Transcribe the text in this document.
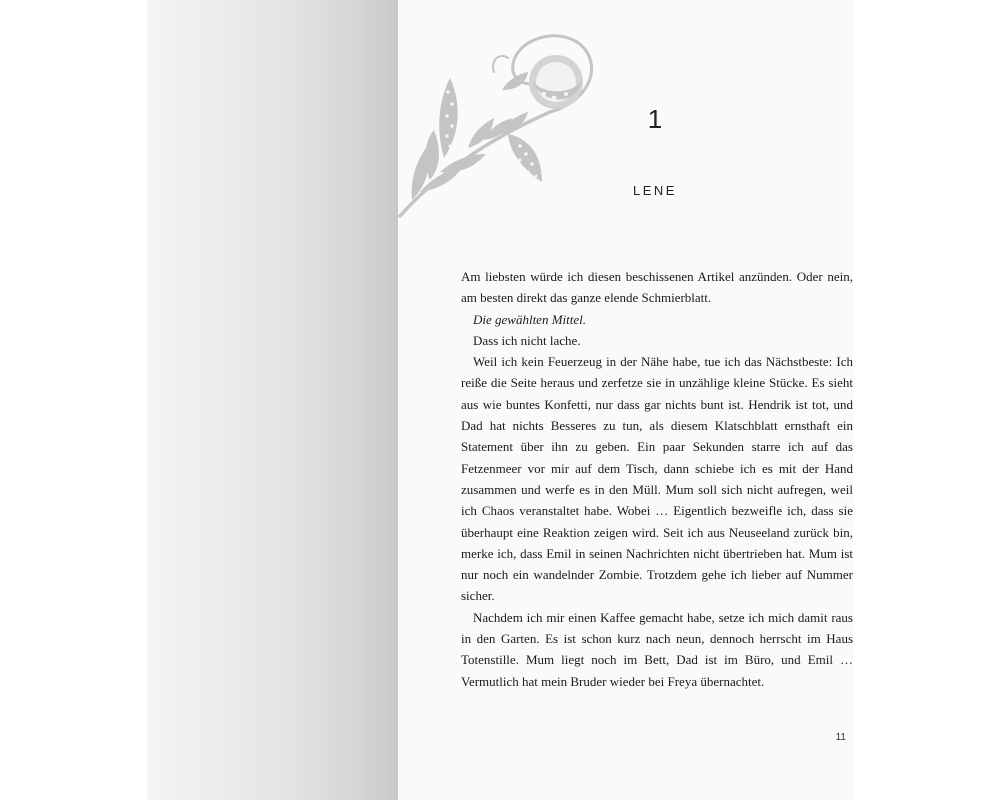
1
LENE

Am liebsten würde ich diesen beschissenen Artikel anzünden. Oder nein, am besten direkt das ganze elende Schmierblatt.

Die gewählten Mittel.

Dass ich nicht lache.

Weil ich kein Feuerzeug in der Nähe habe, tue ich das Nächstbeste: Ich reiße die Seite heraus und zerfetze sie in unzählige kleine Stücke. Es sieht aus wie buntes Konfetti, nur dass gar nichts bunt ist. Hendrik ist tot, und Dad hat nichts Besseres zu tun, als diesem Klatschblatt ernsthaft ein Statement über ihn zu geben. Ein paar Sekunden starre ich auf das Fetzenmeer vor mir auf dem Tisch, dann schiebe ich es mit der Hand zusammen und werfe es in den Müll. Mum soll sich nicht aufregen, weil ich Chaos veranstaltet habe. Wobei … Eigentlich bezweifle ich, dass sie überhaupt eine Reaktion zeigen wird. Seit ich aus Neuseeland zurück bin, merke ich, dass Emil in seinen Nachrichten nicht übertrieben hat. Mum ist nur noch ein wandelnder Zombie. Trotzdem gehe ich lieber auf Nummer sicher.

Nachdem ich mir einen Kaffee gemacht habe, setze ich mich damit raus in den Garten. Es ist schon kurz nach neun, dennoch herrscht im Haus Totenstille. Mum liegt noch im Bett, Dad ist im Büro, und Emil … Vermutlich hat mein Bruder wieder bei Freya übernachtet.

11
